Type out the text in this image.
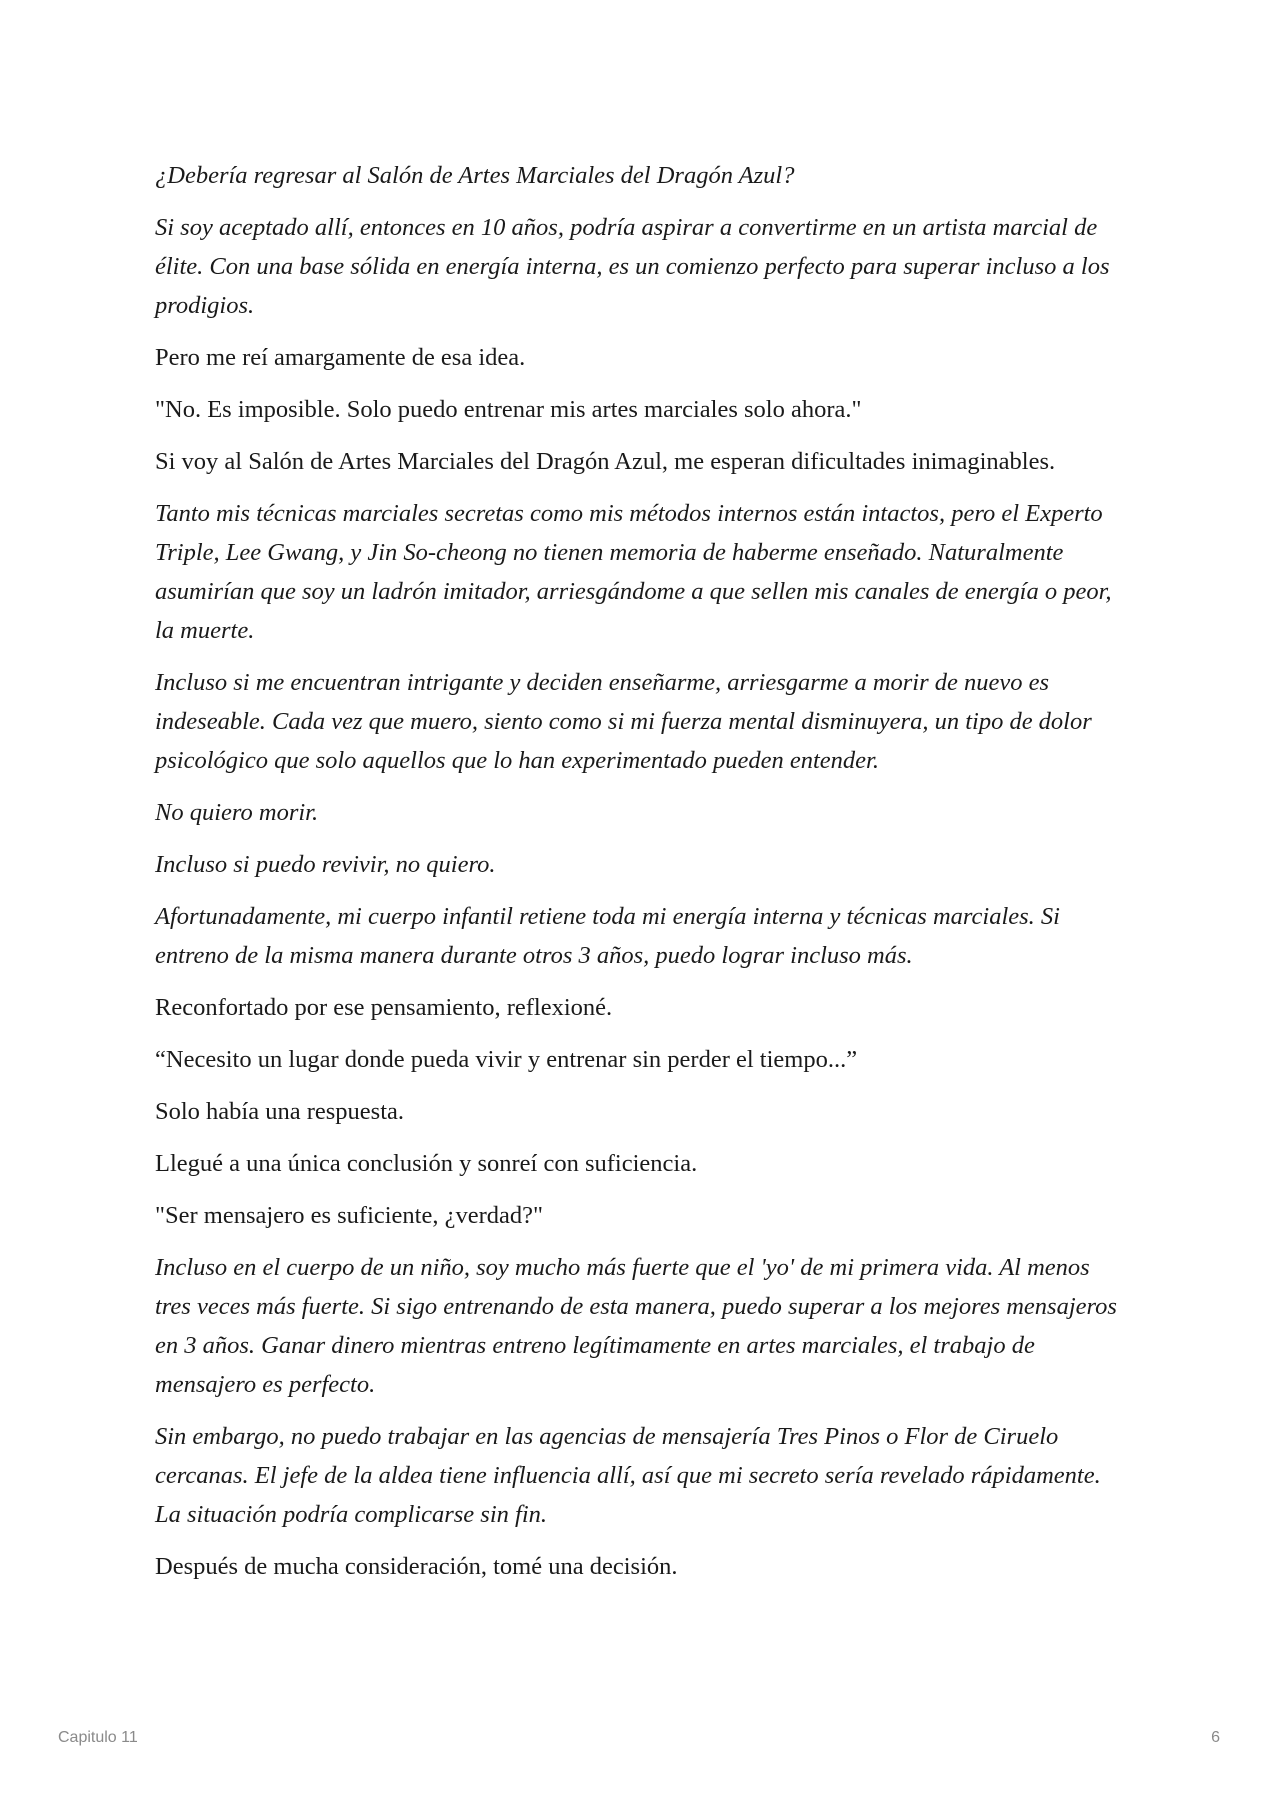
¿Debería regresar al Salón de Artes Marciales del Dragón Azul?

Si soy aceptado allí, entonces en 10 años, podría aspirar a convertirme en un artista marcial de élite. Con una base sólida en energía interna, es un comienzo perfecto para superar incluso a los prodigios.

Pero me reí amargamente de esa idea.

"No. Es imposible. Solo puedo entrenar mis artes marciales solo ahora."

Si voy al Salón de Artes Marciales del Dragón Azul, me esperan dificultades inimaginables.

Tanto mis técnicas marciales secretas como mis métodos internos están intactos, pero el Experto Triple, Lee Gwang, y Jin So-cheong no tienen memoria de haberme enseñado. Naturalmente asumirían que soy un ladrón imitador, arriesgándome a que sellen mis canales de energía o peor, la muerte.

Incluso si me encuentran intrigante y deciden enseñarme, arriesgarme a morir de nuevo es indeseable. Cada vez que muero, siento como si mi fuerza mental disminuyera, un tipo de dolor psicológico que solo aquellos que lo han experimentado pueden entender.

No quiero morir.

Incluso si puedo revivir, no quiero.

Afortunadamente, mi cuerpo infantil retiene toda mi energía interna y técnicas marciales. Si entreno de la misma manera durante otros 3 años, puedo lograr incluso más.

Reconfortado por ese pensamiento, reflexioné.

“Necesito un lugar donde pueda vivir y entrenar sin perder el tiempo...”

Solo había una respuesta.

Llegué a una única conclusión y sonreí con suficiencia.

"Ser mensajero es suficiente, ¿verdad?"

Incluso en el cuerpo de un niño, soy mucho más fuerte que el 'yo' de mi primera vida. Al menos tres veces más fuerte. Si sigo entrenando de esta manera, puedo superar a los mejores mensajeros en 3 años. Ganar dinero mientras entreno legítimamente en artes marciales, el trabajo de mensajero es perfecto.

Sin embargo, no puedo trabajar en las agencias de mensajería Tres Pinos o Flor de Ciruelo cercanas. El jefe de la aldea tiene influencia allí, así que mi secreto sería revelado rápidamente. La situación podría complicarse sin fin.

Después de mucha consideración, tomé una decisión.

Capitulo 11	6
